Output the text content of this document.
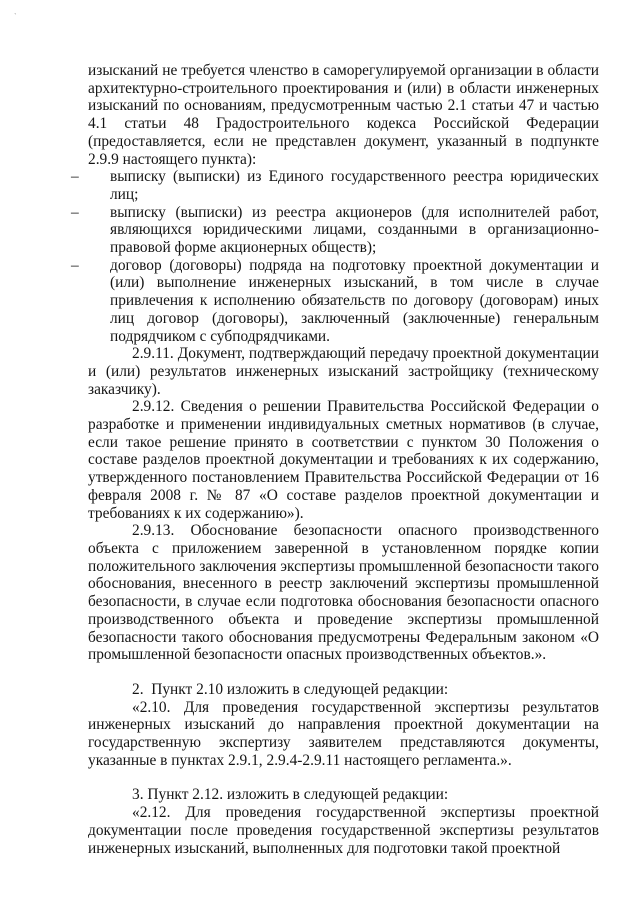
`

изысканий не требуется членство в саморегулируемой организации в области архитектурно-строительного проектирования и (или) в области инженерных изысканий по основаниям, предусмотренным частью 2.1 статьи 47 и частью 4.1 статьи 48 Градостроительного кодекса Российской Федерации (предоставляется, если не представлен документ, указанный в подпункте 2.9.9 настоящего пункта):

– выписку (выписки) из Единого государственного реестра юридических лиц;
– выписку (выписки) из реестра акционеров (для исполнителей работ, являющихся юридическими лицами, созданными в организационно-правовой форме акционерных обществ);
– договор (договоры) подряда на подготовку проектной документации и (или) выполнение инженерных изысканий, в том числе в случае привлечения к исполнению обязательств по договору (договорам) иных лиц договор (договоры), заключенный (заключенные) генеральным подрядчиком с субподрядчиками.

2.9.11. Документ, подтверждающий передачу проектной документации и (или) результатов инженерных изысканий застройщику (техническому заказчику).

2.9.12. Сведения о решении Правительства Российской Федерации о разработке и применении индивидуальных сметных нормативов (в случае, если такое решение принято в соответствии с пунктом 30 Положения о составе разделов проектной документации и требованиях к их содержанию, утвержденного постановлением Правительства Российской Федерации от 16 февраля 2008 г. № 87 «О составе разделов проектной документации и требованиях к их содержанию»).

2.9.13. Обоснование безопасности опасного производственного объекта с приложением заверенной в установленном порядке копии положительного заключения экспертизы промышленной безопасности такого обоснования, внесенного в реестр заключений экспертизы промышленной безопасности, в случае если подготовка обоснования безопасности опасного производственного объекта и проведение экспертизы промышленной безопасности такого обоснования предусмотрены Федеральным законом «О промышленной безопасности опасных производственных объектов.».

2.  Пункт 2.10 изложить в следующей редакции:

«2.10. Для проведения государственной экспертизы результатов инженерных изысканий до направления проектной документации на государственную экспертизу заявителем представляются документы, указанные в пунктах 2.9.1, 2.9.4-2.9.11 настоящего регламента.».

3. Пункт 2.12. изложить в следующей редакции:

«2.12. Для проведения государственной экспертизы проектной документации после проведения государственной экспертизы результатов инженерных изысканий, выполненных для подготовки такой проектной
